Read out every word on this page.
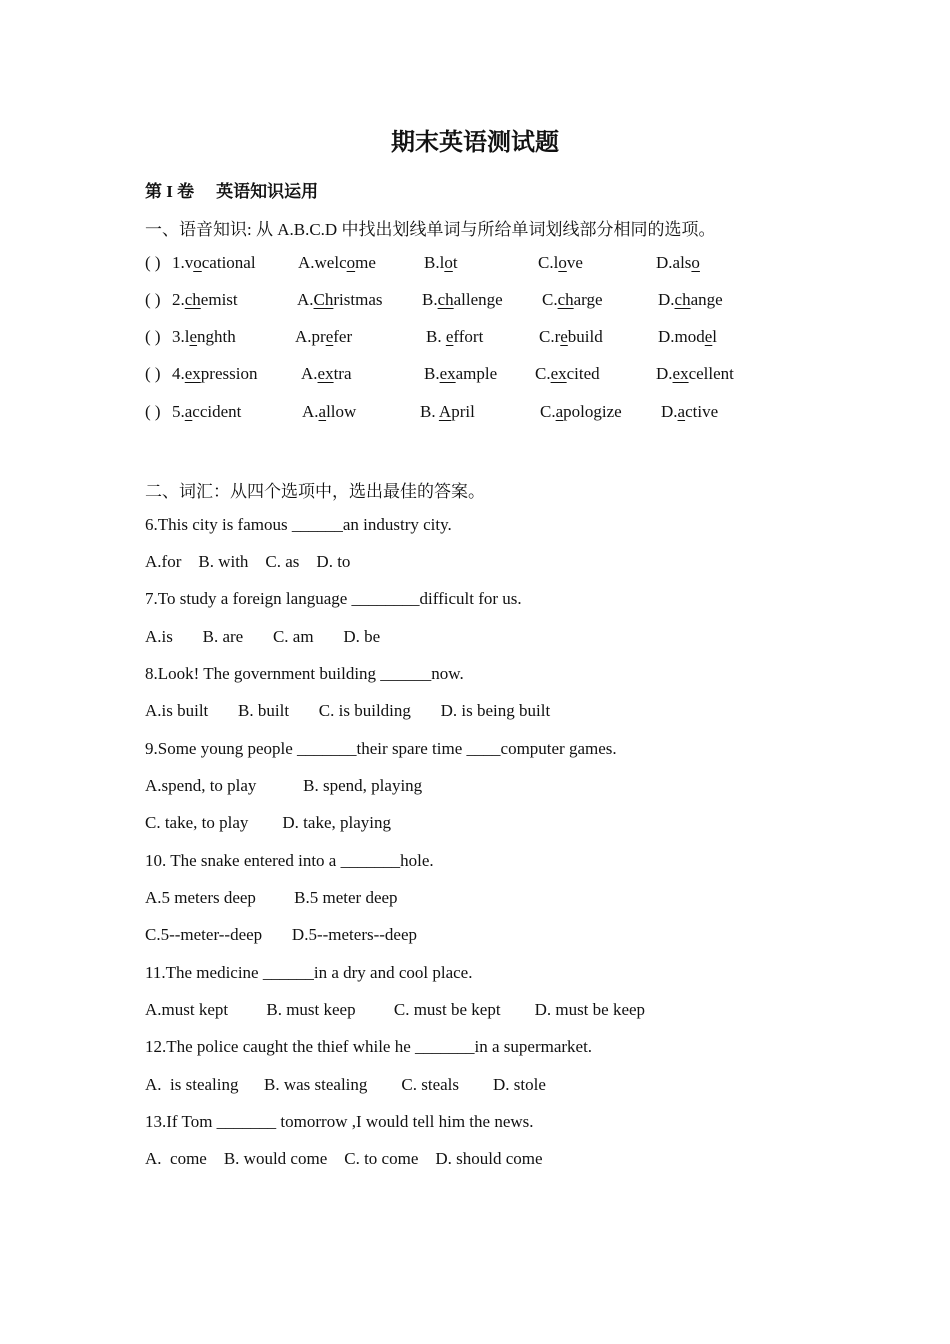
期末英语测试题
第 I 卷 英语知识运用
一、语音知识: 从 A.B.C.D 中找出划线单词与所给单词划线部分相同的选项。
( ) 1.vocational A.welcome	B.lot	C.love	D.also
( ) 2.chemist	A.Christmas B.challenge C.charge	D.change
( ) 3.lenghth	A.prefer	B. effort	C.rebuild	D.model
( ) 4.expression	A.extra	B.example C.excited	D.excellent
( ) 5.accident	A.allow	B. April	C.apologize D.active
二、词汇：从四个选项中，选出最佳的答案。
6.This city is famous ______an industry city.
A.for    B. with    C. as    D. to
7.To study a foreign language ________difficult for us.
A.is       B. are       C. am       D. be
8.Look! The government building ______now.
A.is built       B. built       C. is building       D. is being built
9.Some young people _______their spare time ____computer games.
A.spend, to play           B. spend, playing
C. take, to play        D. take, playing
10. The snake entered into a _______hole.
A.5 meters deep         B.5 meter deep
C.5--meter--deep       D.5--meters--deep
11.The medicine ______in a dry and cool place.
A.must kept         B. must keep         C. must be kept        D. must be keep
12.The police caught the thief while he _______in a supermarket.
A.  is stealing      B. was stealing        C. steals        D. stole
13.If Tom _______ tomorrow ,I would tell him the news.
A.  come    B. would come    C. to come    D. should come
